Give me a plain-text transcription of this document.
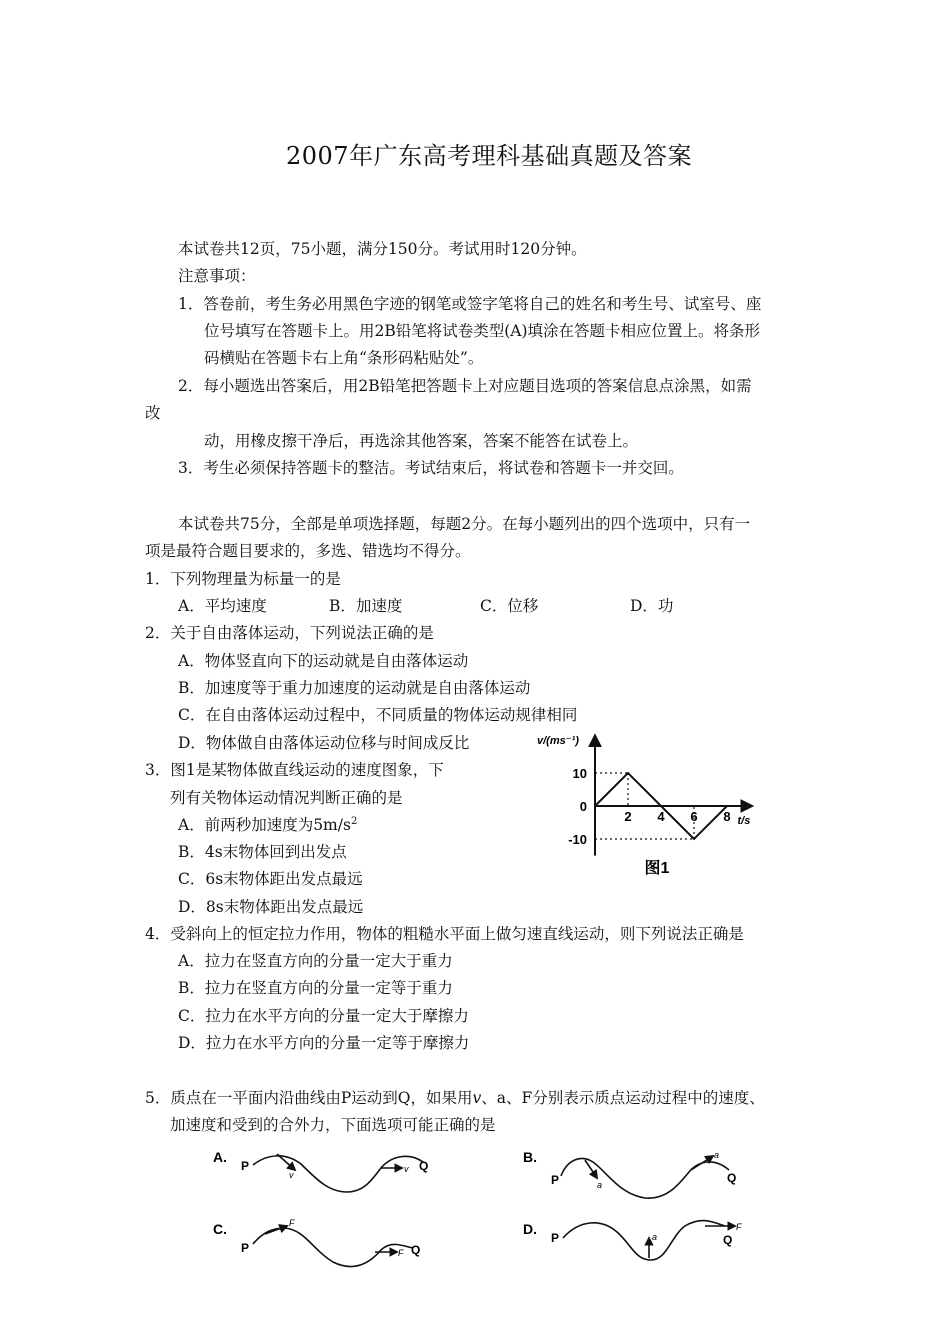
2007年广东高考理科基础真题及答案
本试卷共12页，75小题，满分150分。考试用时120分钟。
注意事项：
1．答卷前，考生务必用黑色字迹的钢笔或签字笔将自己的姓名和考生号、试室号、座
位号填写在答题卡上。用2B铅笔将试卷类型(A)填涂在答题卡相应位置上。将条形
码横贴在答题卡右上角“条形码粘贴处”。
2．每小题选出答案后，用2B铅笔把答题卡上对应题目选项的答案信息点涂黑，如需
改
动，用橡皮擦干净后，再选涂其他答案，答案不能答在试卷上。
3．考生必须保持答题卡的整洁。考试结束后，将试卷和答题卡一并交回。
本试卷共75分，全部是单项选择题，每题2分。在每小题列出的四个选项中，只有一
项是最符合题目要求的，多选、错选均不得分。
1．下列物理量为标量一的是
A．平均速度	B．加速度	C．位移	D．功
2．关于自由落体运动，下列说法正确的是
A．物体竖直向下的运动就是自由落体运动
B．加速度等于重力加速度的运动就是自由落体运动
C．在自由落体运动过程中，不同质量的物体运动规律相同
D．物体做自由落体运动位移与时间成反比
3．图1是某物体做直线运动的速度图象，下
列有关物体运动情况判断正确的是
A．前两秒加速度为$5m/s^2$
B．4s末物体回到出发点
C．6s末物体距出发点最远
D．8s末物体距出发点最远
v/(ms⁻¹)
t/s
10
0
-10
2 4 6 8
图1
4．受斜向上的恒定拉力作用，物体的粗糙水平面上做匀速直线运动，则下列说法正确是
A．拉力在竖直方向的分量一定大于重力
B．拉力在竖直方向的分量一定等于重力
C．拉力在水平方向的分量一定大于摩擦力
D．拉力在水平方向的分量一定等于摩擦力
5．质点在一平面内沿曲线由P运动到Q，如果用v、a、F分别表示质点运动过程中的速度、
加速度和受到的合外力，下面选项可能正确的是
A.
P
v
v Q
B.
P	a
a
Q
C.
P
F
F Q
D.
P	a
F
Q
